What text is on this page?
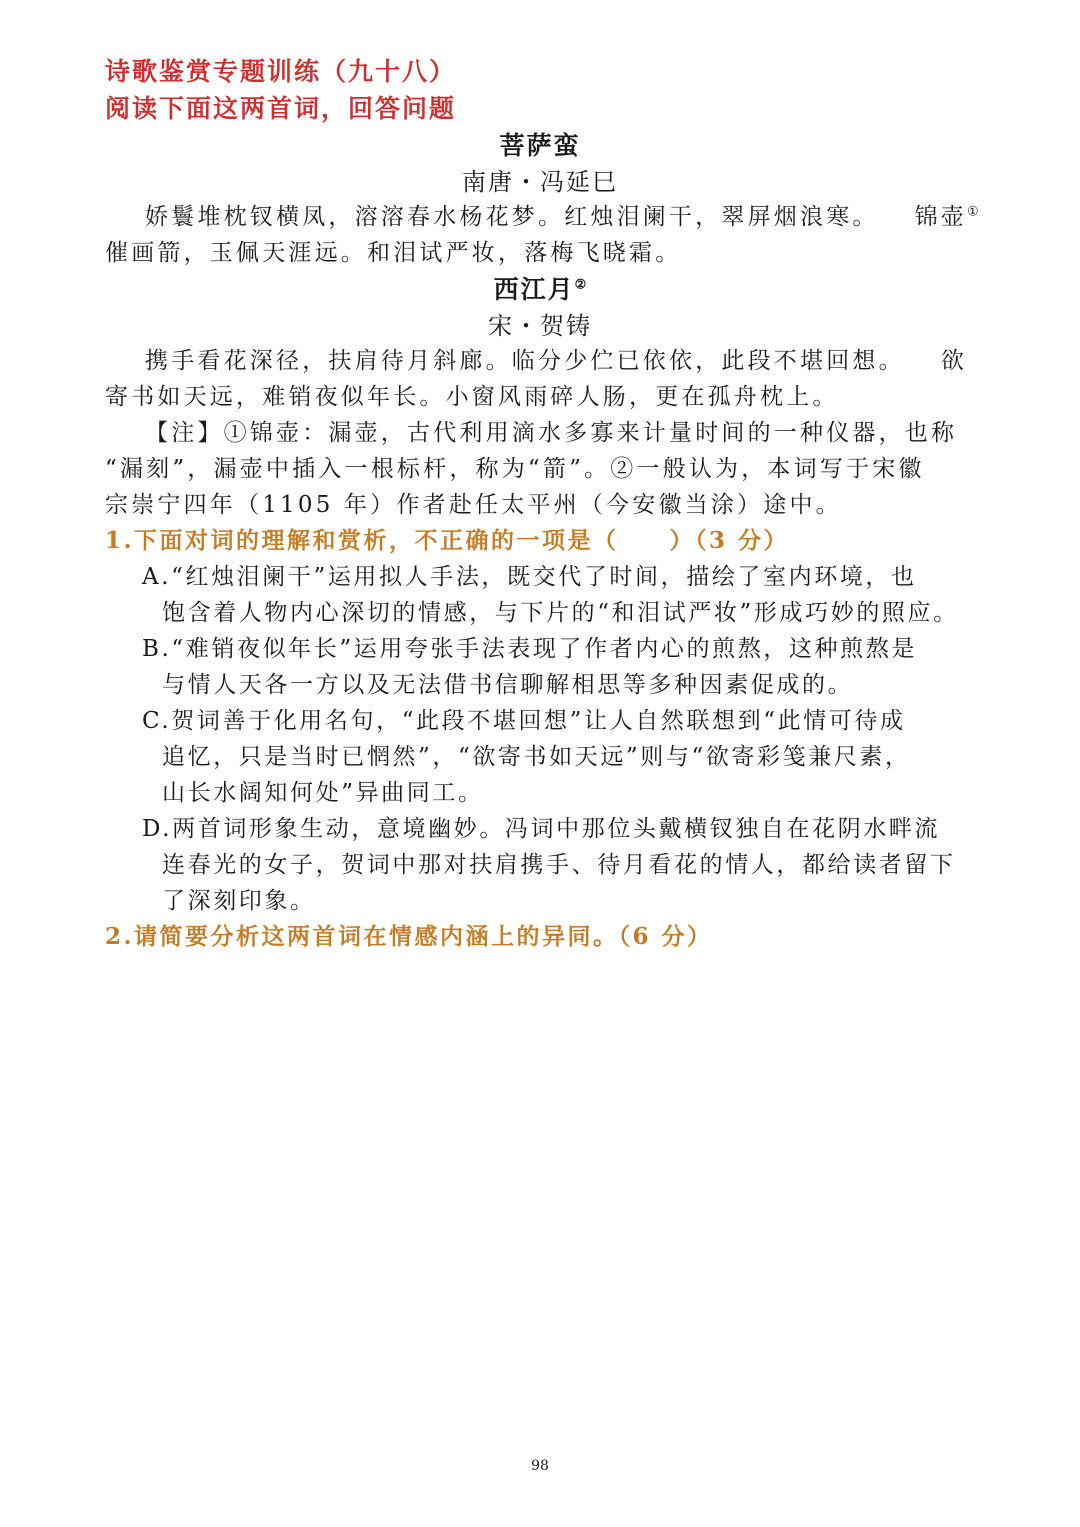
诗歌鉴赏专题训练（九十八）
阅读下面这两首词，回答问题
菩萨蛮
南唐・冯延巳
娇鬟堆枕钗横凤，溶溶春水杨花梦。红烛泪阑干，翠屏烟浪寒。 锦壶①
催画箭，玉佩天涯远。和泪试严妆，落梅飞晓霜。
西江月②
宋・贺铸
携手看花深径，扶肩待月斜廊。临分少伫已依依，此段不堪回想。 欲
寄书如天远，难销夜似年长。小窗风雨碎人肠，更在孤舟枕上。
【注】①锦壶：漏壶，古代利用滴水多寡来计量时间的一种仪器，也称
“漏刻”，漏壶中插入一根标杆，称为“箭”。②一般认为，本词写于宋徽
宗崇宁四年（1105 年）作者赴任太平州（今安徽当涂）途中。
1.下面对词的理解和赏析，不正确的一项是（　　）（3 分）
A.“红烛泪阑干”运用拟人手法，既交代了时间，描绘了室内环境，也
饱含着人物内心深切的情感，与下片的“和泪试严妆”形成巧妙的照应。
B.“难销夜似年长”运用夸张手法表现了作者内心的煎熬，这种煎熬是
与情人天各一方以及无法借书信聊解相思等多种因素促成的。
C.贺词善于化用名句，“此段不堪回想”让人自然联想到“此情可待成
追忆，只是当时已惘然”，“欲寄书如天远”则与“欲寄彩笺兼尺素，
山长水阔知何处”异曲同工。
D.两首词形象生动，意境幽妙。冯词中那位头戴横钗独自在花阴水畔流
连春光的女子，贺词中那对扶肩携手、待月看花的情人，都给读者留下
了深刻印象。
2.请简要分析这两首词在情感内涵上的异同。（6 分）
98
